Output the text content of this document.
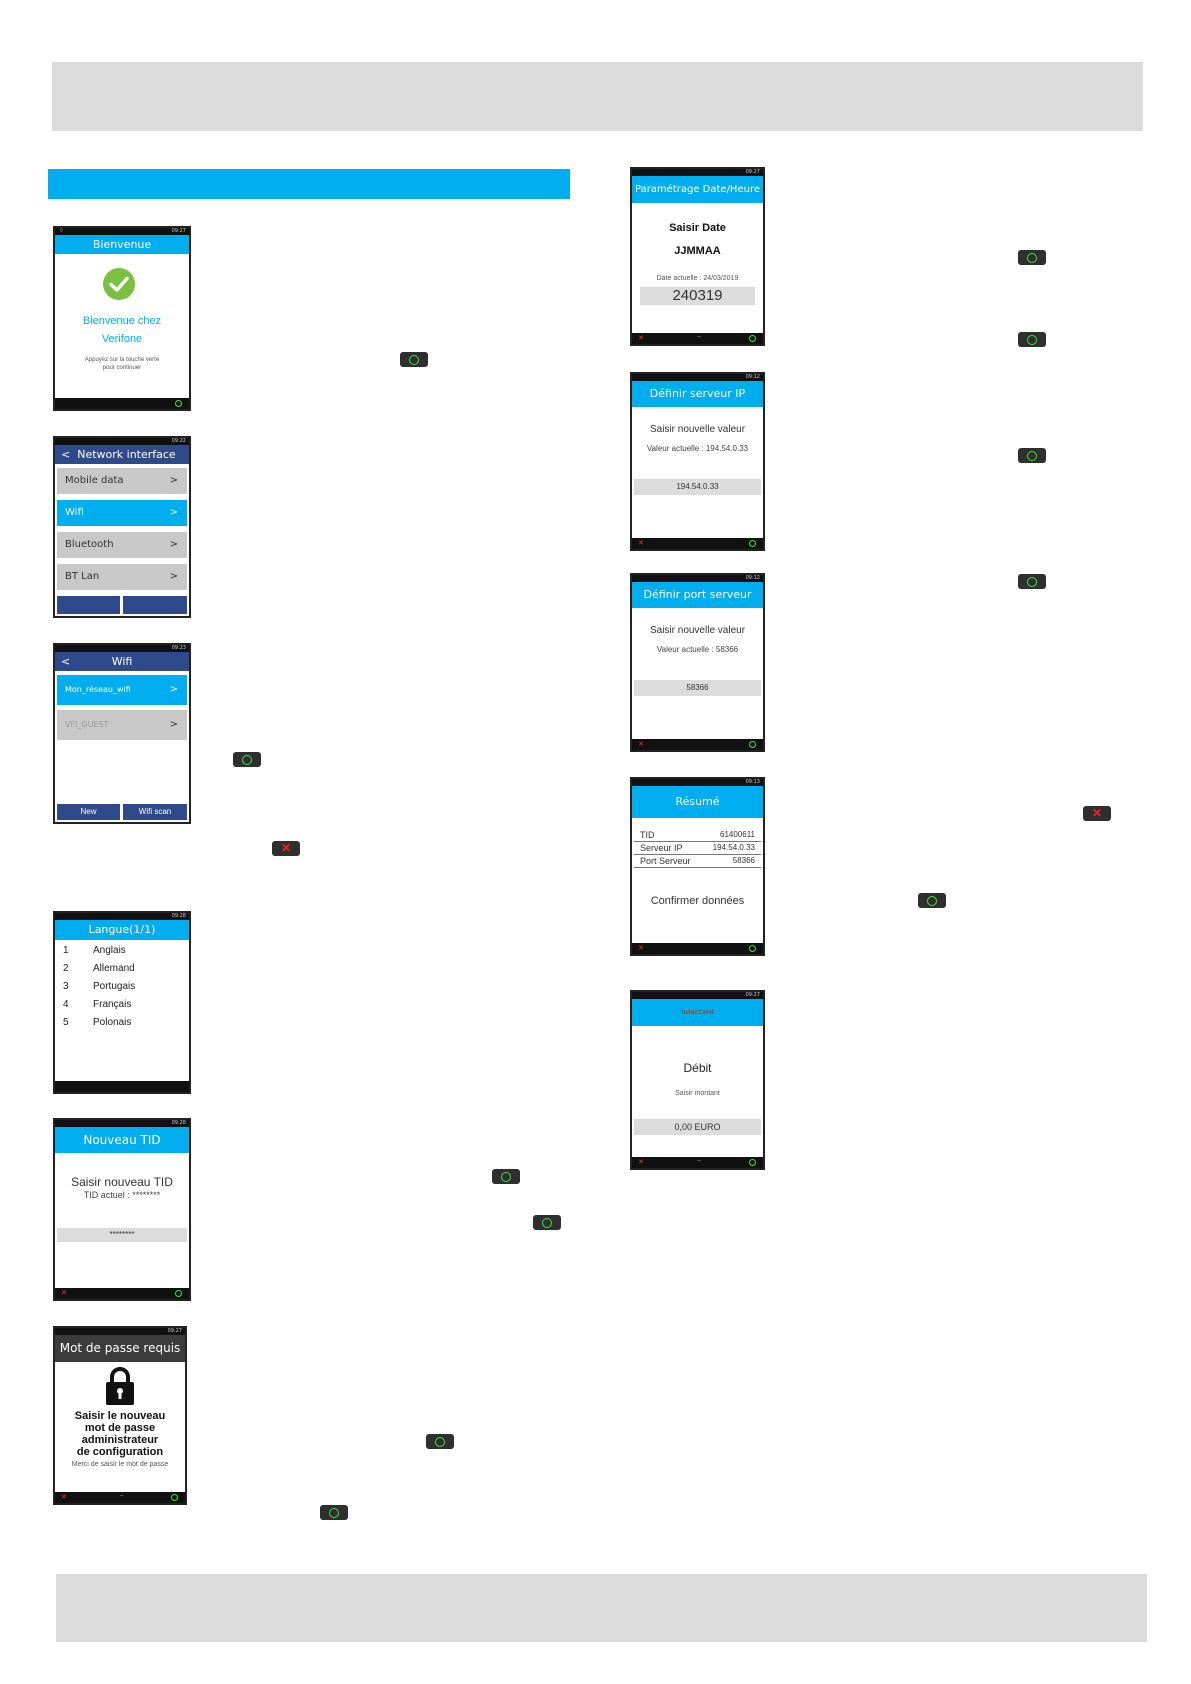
⌔	09:27
Bienvenue
Bienvenue chez
Verifone
Appuyez sur la touche verte
pour continuer
09:22
< Network interface
Mobile data	>
Wifi	>
Bluetooth	>
BT Lan	>
09:23
<	Wifi
Mon_réseau_wifi	>
VFI_GUEST	>
New	Wifi scan
09:28
Langue(1/1)
1 Anglais
2 Allemand
3 Portugais
4 Français
5 Polonais
09:28
Nouveau TID
Saisir nouveau TID
TID actuel : ********
********
✕
09:27
Mot de passe requis
Saisir le nouveau
mot de passe
administrateur
de configuration
Merci de saisir le mot de passe
✕	–
09:27
Paramétrage Date/Heure
Saisir Date
JJMMAA
Date actuelle : 24/03/2019
240319
✕	–
09:12
Définir serveur IP
Saisir nouvelle valeur
Valeur actuelle : 194.54.0.33
194.54.0.33
✕
09:12
Définir port serveur
Saisir nouvelle valeur
Valeur actuelle : 58366
58366
✕
09:13
Résumé
TID	61400611
Serveur IP	194.54.0.33
Port Serveur	58366
Confirmer données
✕
09:27
InterCard
Débit
Saisir montant
0,00 EURO
✕	–
✕
✕
